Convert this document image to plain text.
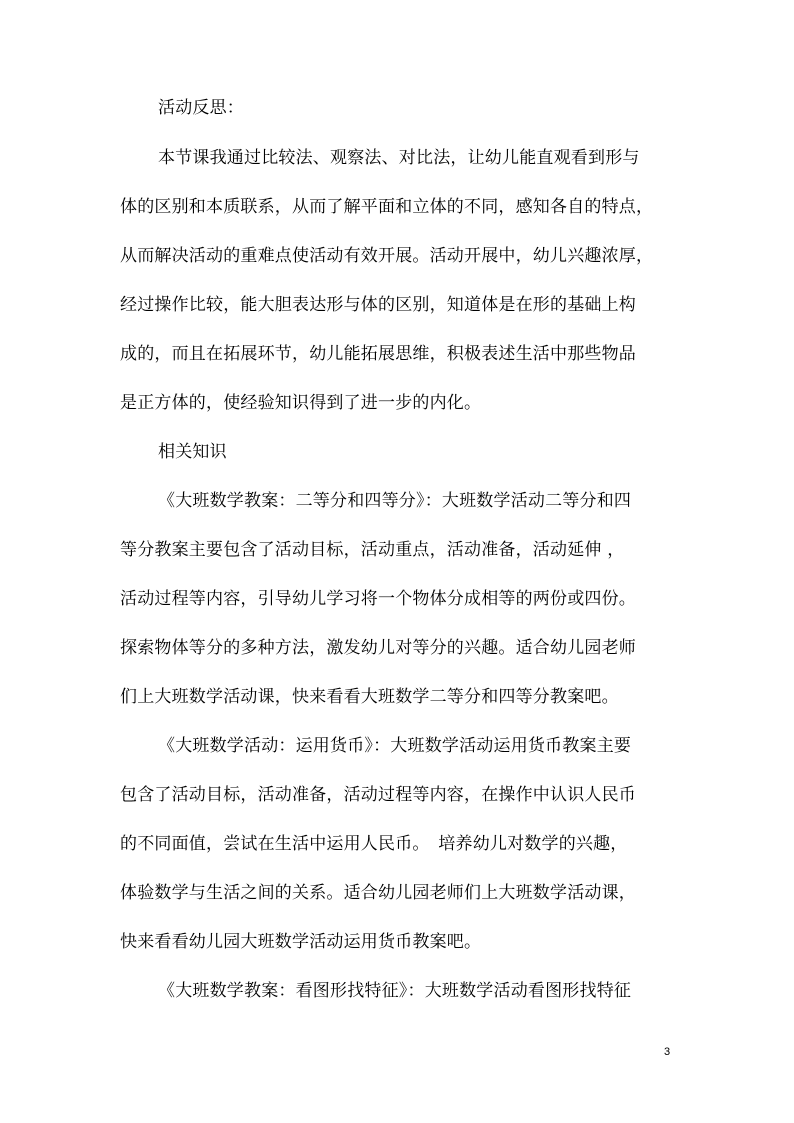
活动反思：
本节课我通过比较法、观察法、对比法，让幼儿能直观看到形与
体的区别和本质联系，从而了解平面和立体的不同，感知各自的特点，
从而解决活动的重难点使活动有效开展。活动开展中，幼儿兴趣浓厚，
经过操作比较，能大胆表达形与体的区别，知道体是在形的基础上构
成的，而且在拓展环节，幼儿能拓展思维，积极表述生活中那些物品
是正方体的，使经验知识得到了进一步的内化。
相关知识
《大班数学教案：二等分和四等分》：大班数学活动二等分和四
等分教案主要包含了活动目标，活动重点，活动准备，活动延伸 ，
活动过程等内容，引导幼儿学习将一个物体分成相等的两份或四份。
探索物体等分的多种方法，激发幼儿对等分的兴趣。适合幼儿园老师
们上大班数学活动课，快来看看大班数学二等分和四等分教案吧。
《大班数学活动：运用货币》：大班数学活动运用货币教案主要
包含了活动目标，活动准备，活动过程等内容，在操作中认识人民币
的不同面值，尝试在生活中运用人民币。　培养幼儿对数学的兴趣，
体验数学与生活之间的关系。适合幼儿园老师们上大班数学活动课，
快来看看幼儿园大班数学活动运用货币教案吧。
《大班数学教案：看图形找特征》：大班数学活动看图形找特征
3
